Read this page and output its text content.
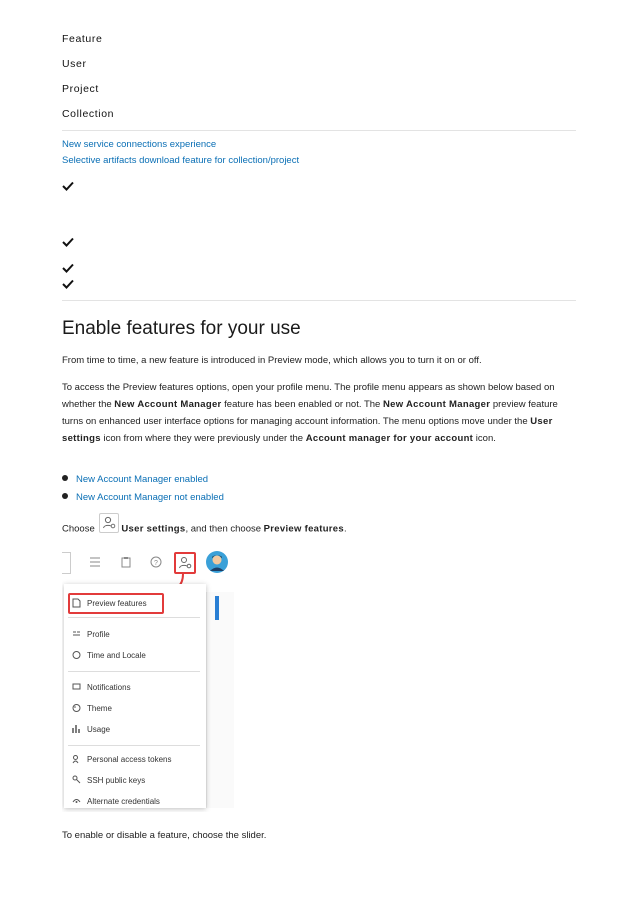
Feature
User
Project
Collection
New service connections experience
Selective artifacts download feature for collection/project
Enable features for your use
From time to time, a new feature is introduced in Preview mode, which allows you to turn it on or off.
To access the Preview features options, open your profile menu. The profile menu appears as shown below based on whether the New Account Manager feature has been enabled or not. The New Account Manager preview feature turns on enhanced user interface options for managing account information. The menu options move under the User settings icon from where they were previously under the Account manager for your account icon.
New Account Manager enabled
New Account Manager not enabled
Choose	User settings, and then choose Preview features.
?
Preview features
Profile
Time and Locale
Notifications
Theme
Usage
Personal access tokens
SSH public keys
Alternate credentials
To enable or disable a feature, choose the slider.
